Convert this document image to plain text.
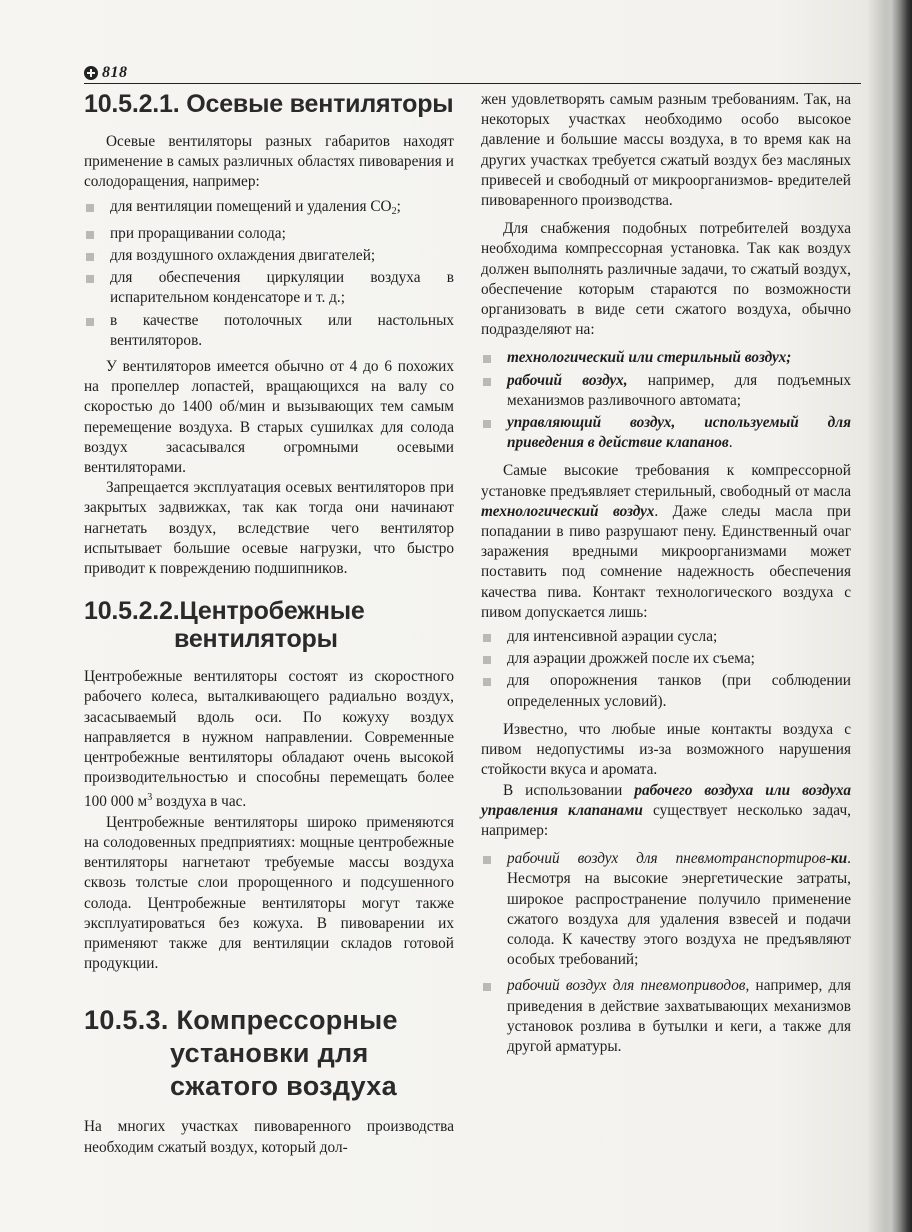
818
10.5.2.1. Осевые вентиляторы

Осевые вентиляторы разных габаритов находят применение в самых различных областях пивоварения и солодоращения, например:

для вентиляции помещений и удаления $CO_2$;
при проращивании солода;
для воздушного охлаждения двигателей;
для обеспечения циркуляции воздуха в испарительном конденсаторе и т. д.;
в качестве потолочных или настольных вентиляторов.

У вентиляторов имеется обычно от 4 до 6 похожих на пропеллер лопастей, вращающихся на валу со скоростью до 1400 об/мин и вызывающих тем самым перемещение воздуха. В старых сушилках для солода воздух засасывался огромными осевыми вентиляторами.

Запрещается эксплуатация осевых вентиляторов при закрытых задвижках, так как тогда они начинают нагнетать воздух, вследствие чего вентилятор испытывает большие осевые нагрузки, что быстро приводит к повреждению подшипников.

10.5.2.2.Центробежные
вентиляторы

Центробежные вентиляторы состоят из скоростного рабочего колеса, выталкивающего радиально воздух, засасываемый вдоль оси. По кожуху воздух направляется в нужном направлении. Современные центробежные вентиляторы обладают очень высокой производительностью и способны перемещать более 100 000 $м^3$ воздуха в час.

Центробежные вентиляторы широко применяются на солодовенных предприятиях: мощные центробежные вентиляторы нагнетают требуемые массы воздуха сквозь толстые слои пророщенного и подсушенного солода. Центробежные вентиляторы могут также эксплуатироваться без кожуха. В пивоварении их применяют также для вентиляции складов готовой продукции.

10.5.3. Компрессорные
установки для
сжатого воздуха

На многих участках пивоваренного производства необходим сжатый воздух, который дол-

жен удовлетворять самым разным требованиям. Так, на некоторых участках необходимо особо высокое давление и большие массы воздуха, в то время как на других участках требуется сжатый воздух без масляных привесей и свободный от микроорганизмов- вредителей пивоваренного производства.

Для снабжения подобных потребителей воздуха необходима компрессорная установка. Так как воздух должен выполнять различные задачи, то сжатый воздух, обеспечение которым стараются по возможности организовать в виде сети сжатого воздуха, обычно подразделяют на:

технологический или стерильный воздух;
рабочий воздух, например, для подъемных механизмов разливочного автомата;
управляющий воздух, используемый для приведения в действие клапанов.

Самые высокие требования к компрессорной установке предъявляет стерильный, свободный от масла технологический воздух. Даже следы масла при попадании в пиво разрушают пену. Единственный очаг заражения вредными микроорганизмами может поставить под сомнение надежность обеспечения качества пива. Контакт технологического воздуха с пивом допускается лишь:

для интенсивной аэрации сусла;
для аэрации дрожжей после их съема;
для опорожнения танков (при соблюдении определенных условий).

Известно, что любые иные контакты воздуха с пивом недопустимы из-за возможного нарушения стойкости вкуса и аромата.

В использовании рабочего воздуха или воздуха управления клапанами существует несколько задач, например:

рабочий воздух для пневмотранспортиров-ки. Несмотря на высокие энергетические затраты, широкое распространение получило применение сжатого воздуха для удаления взвесей и подачи солода. К качеству этого воздуха не предъявляют особых требований;
рабочий воздух для пневмоприводов, например, для приведения в действие захватывающих механизмов установок розлива в бутылки и кеги, а также для другой арматуры.
